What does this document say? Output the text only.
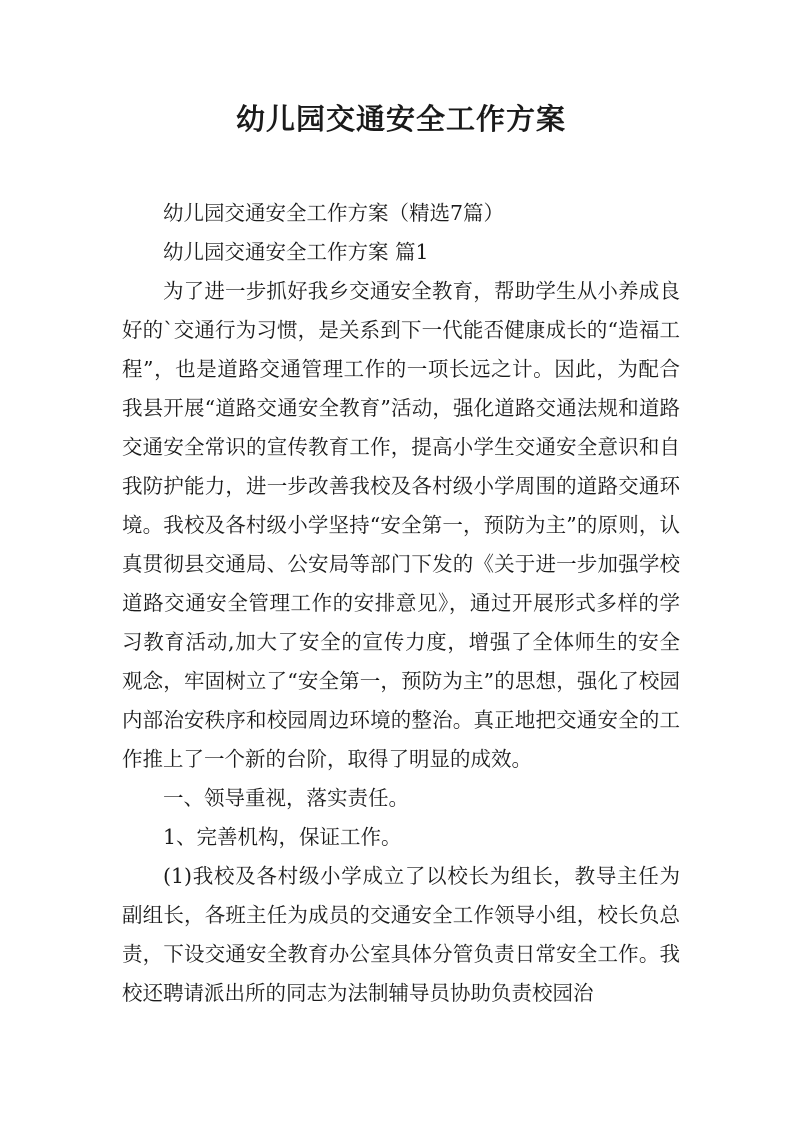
幼儿园交通安全工作方案

幼儿园交通安全工作方案（精选7篇）

幼儿园交通安全工作方案 篇1

为了进一步抓好我乡交通安全教育，帮助学生从小养成良好的`交通行为习惯，是关系到下一代能否健康成长的“造福工程”，也是道路交通管理工作的一项长远之计。因此，为配合我县开展“道路交通安全教育”活动，强化道路交通法规和道路交通安全常识的宣传教育工作，提高小学生交通安全意识和自我防护能力，进一步改善我校及各村级小学周围的道路交通环境。我校及各村级小学坚持“安全第一，预防为主”的原则，认真贯彻县交通局、公安局等部门下发的《关于进一步加强学校道路交通安全管理工作的安排意见》，通过开展形式多样的学习教育活动,加大了安全的宣传力度，增强了全体师生的安全观念，牢固树立了“安全第一，预防为主”的思想，强化了校园内部治安秩序和校园周边环境的整治。真正地把交通安全的工作推上了一个新的台阶，取得了明显的成效。

一、领导重视，落实责任。

1、完善机构，保证工作。

(1)我校及各村级小学成立了以校长为组长，教导主任为副组长，各班主任为成员的交通安全工作领导小组，校长负总责，下设交通安全教育办公室具体分管负责日常安全工作。我校还聘请派出所的同志为法制辅导员协助负责校园治
